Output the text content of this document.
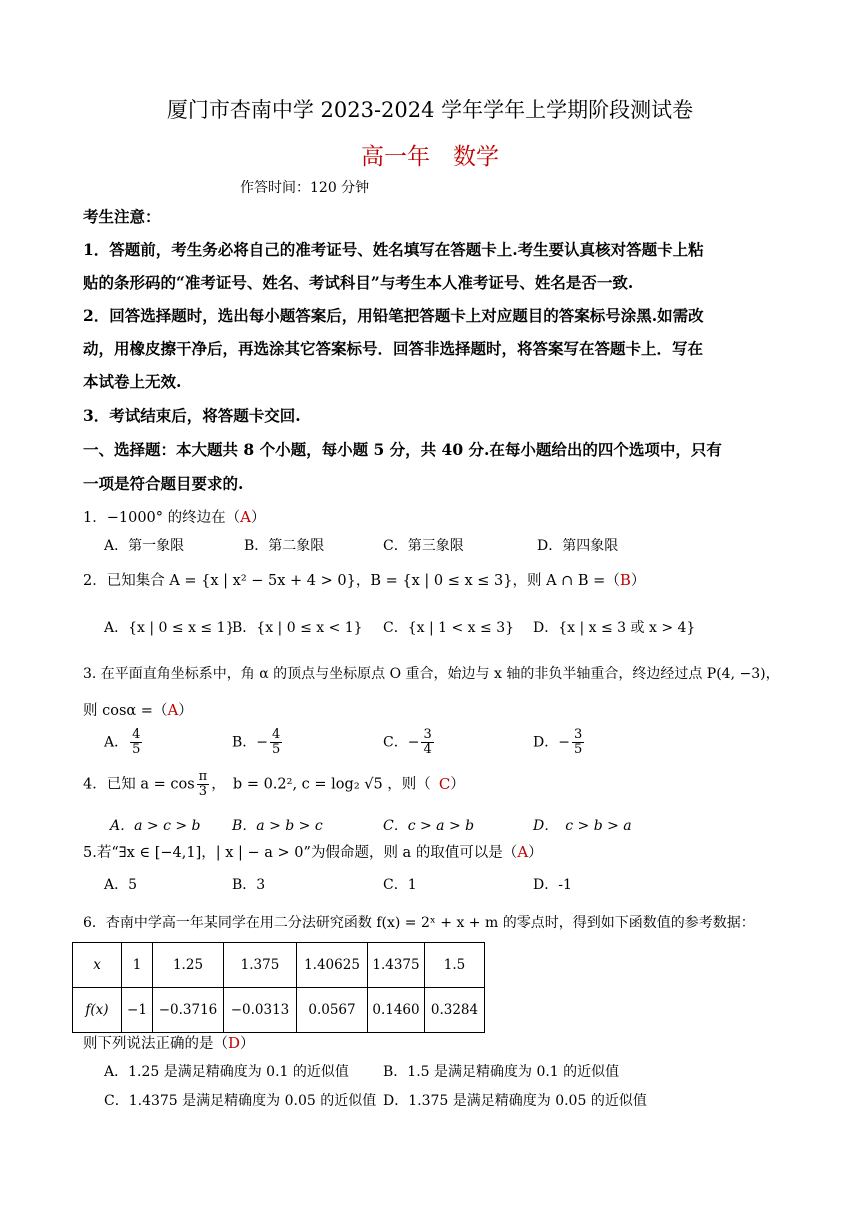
厦门市杏南中学 2023-2024 学年学年上学期阶段测试卷
高一年　数学
作答时间：120 分钟
考生注意：
1．答题前，考生务必将自己的准考证号、姓名填写在答题卡上.考生要认真核对答题卡上粘
贴的条形码的“准考证号、姓名、考试科目”与考生本人准考证号、姓名是否一致.
2．回答选择题时，选出每小题答案后，用铅笔把答题卡上对应题目的答案标号涂黑.如需改
动，用橡皮擦干净后，再选涂其它答案标号．回答非选择题时，将答案写在答题卡上．写在
本试卷上无效.
3．考试结束后，将答题卡交回.
一、选择题：本大题共 8 个小题，每小题 5 分，共 40 分.在每小题给出的四个选项中，只有
一项是符合题目要求的.
1．−1000° 的终边在（A）
A．第一象限	B．第二象限	C．第三象限	D．第四象限
2．已知集合 A = {x | x² − 5x + 4 > 0}，B = {x | 0 ≤ x ≤ 3}，则 A ∩ B =（B）
A．{x | 0 ≤ x ≤ 1}
B．{x | 0 ≤ x < 1} C．{x | 1 < x ≤ 3} D．{x | x ≤ 3 或 x > 4}
3. 在平面直角坐标系中，角 α 的顶点与坐标原点 O 重合，始边与 x 轴的非负半轴重合，终边经过点 P(4, −3)，
则 cosα =（A）
A． $\frac{4}{5}$	B．− $\frac{4}{5}$	C．− $\frac{3}{4}$	D．− $\frac{3}{5}$
4．已知 $a = \cos \frac{\pi}{3}$ ，　b = 0.2², c = log₂ √5 ，则（ C）
A．a > c > b B．a > b > c	C．c > a > b	D．　c > b > a
5.若“∃x ∈ [−4,1]，| x | − a > 0”为假命题，则 a 的取值可以是（A）
A．5	B．3	C．1	D．-1
6．杏南中学高一年某同学在用二分法研究函数 f(x) = 2ˣ + x + m 的零点时，得到如下函数值的参考数据：
x	1	1.25	1.375	1.40625	1.4375	1.5
f(x)	−1	−0.3716	−0.0313	0.0567	0.1460	0.3284
则下列说法正确的是（D）
A．1.25 是满足精确度为 0.1 的近似值 B．1.5 是满足精确度为 0.1 的近似值
C．1.4375 是满足精确度为 0.05 的近似值 D．1.375 是满足精确度为 0.05 的近似值
